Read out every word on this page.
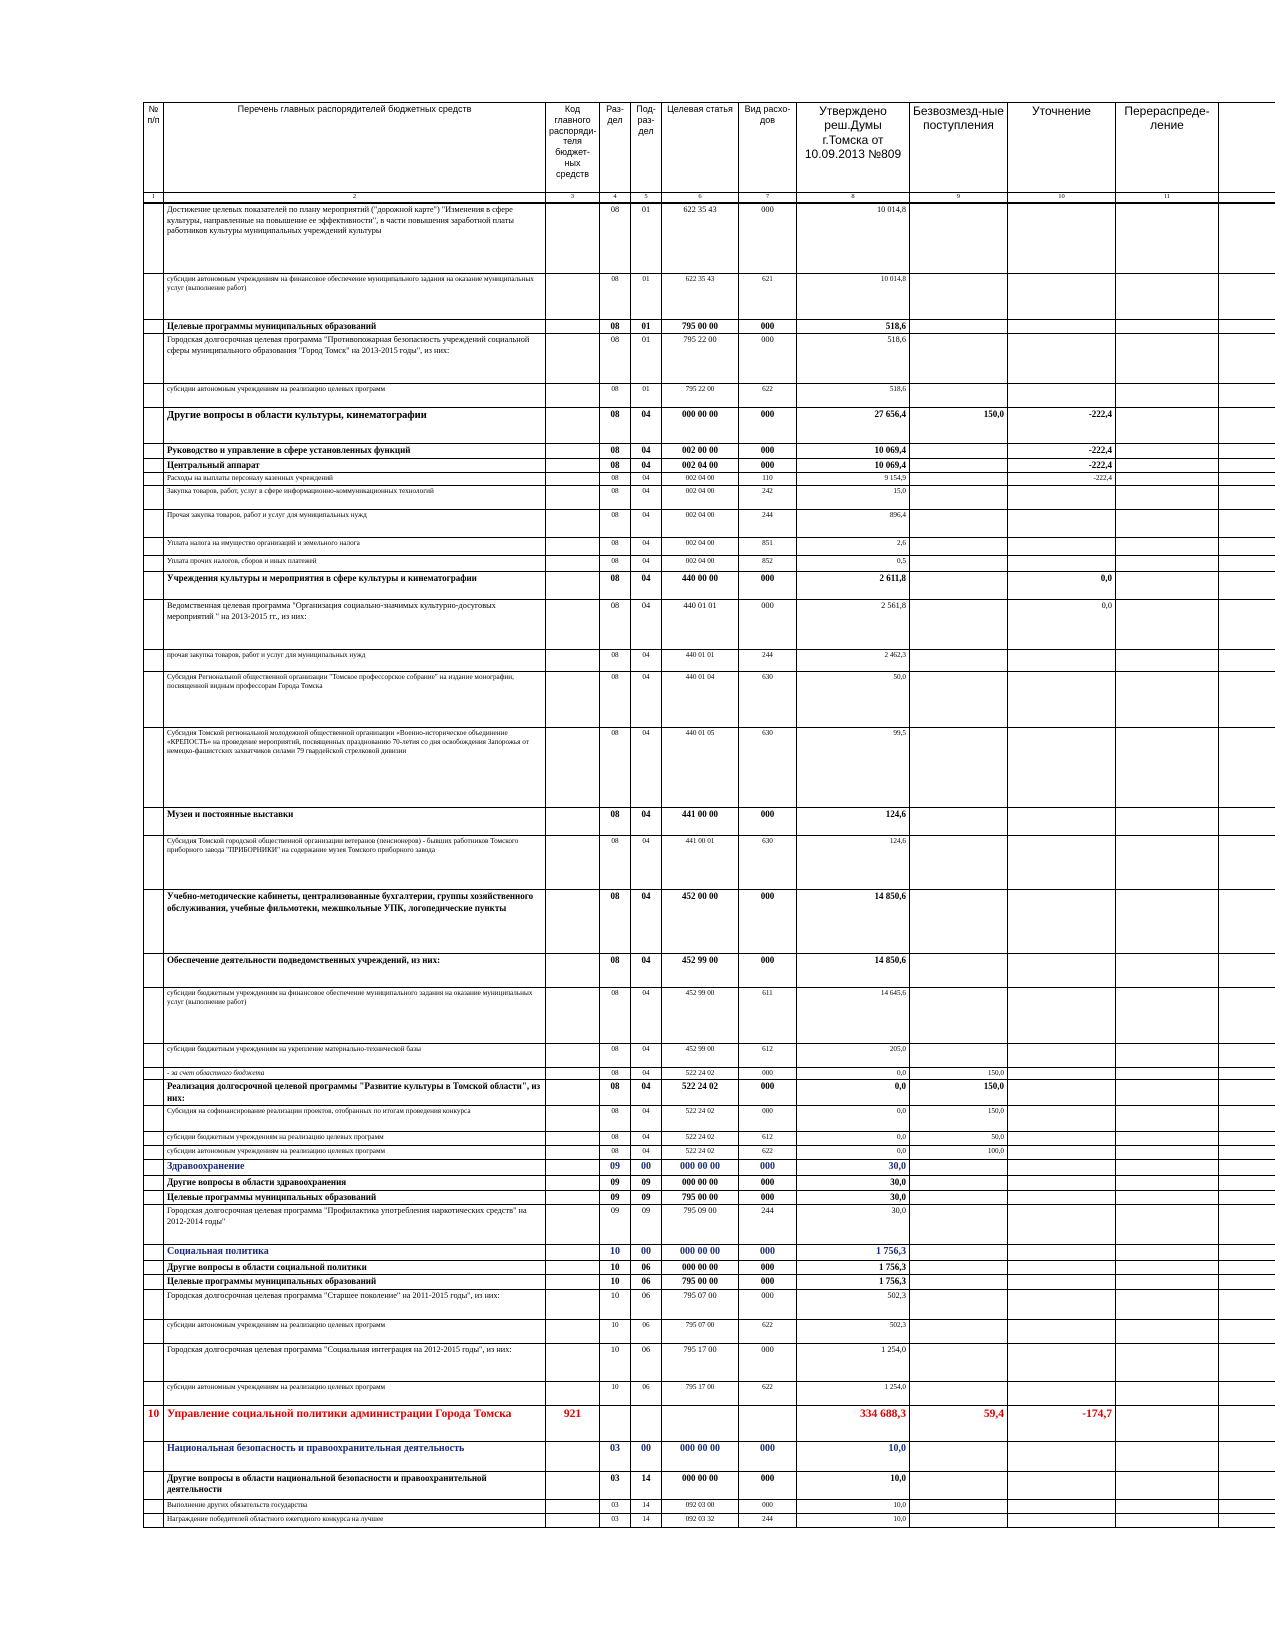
№ п/п	Перечень главных распорядителей бюджетных средств	Код главного распоряди-теля бюджет-ных средств	Раз-дел	Под-раз-дел	Целевая статья	Вид расхо-дов	Утверждено реш.Думы г.Томска от 10.09.2013 №809	Безвозмезд-ные поступления	Уточнение	Перераспреде-ление	
1	2	3	4	5	6	7	8	9	10	11	
	Достижение целевых показателей по плану мероприятий ("дорожной карте") "Изменения в сфере культуры, направленные на повышение ее эффективности", в части повышения заработной платы работников культуры муниципальных учреждений культуры		08	01	622 35 43	000	10 014,8				
	субсидии автономным учреждениям на финансовое обеспечение муниципального задания на оказание муниципальных услуг (выполнение работ)		08	01	622 35 43	621	10 014,8				
	Целевые программы муниципальных образований		08	01	795 00 00	000	518,6				
	Городская долгосрочная целевая программа "Противопожарная безопасность учреждений социальной сферы муниципального образования "Город Томск" на 2013-2015 годы", из них:		08	01	795 22 00	000	518,6				
	субсидии автономным учреждениям на реализацию целевых программ		08	01	795 22 00	622	518,6				
	Другие вопросы в области культуры, кинематографии		08	04	000 00 00	000	27 656,4	150,0	-222,4		
	Руководство и управление в сфере установленных функций		08	04	002 00 00	000	10 069,4		-222,4		
	Центральный аппарат		08	04	002 04 00	000	10 069,4		-222,4		
	Расходы на выплаты персоналу казенных учреждений		08	04	002 04 00	110	9 154,9		-222,4		
	Закупка товаров, работ, услуг в сфере информационно-коммуникационных технологий		08	04	002 04 00	242	15,0				
	Прочая закупка товаров, работ и услуг для муниципальных нужд		08	04	002 04 00	244	896,4				
	Уплата налога на имущество организаций и земельного налога		08	04	002 04 00	851	2,6				
	Уплата прочих налогов, сборов и иных платежей		08	04	002 04 00	852	0,5				
	Учреждения культуры и мероприятия в сфере культуры и кинематографии		08	04	440 00 00	000	2 611,8		0,0		
	Ведомственная целевая программа "Организация социально-значимых культурно-досуговых мероприятий " на 2013-2015 гг., из них:		08	04	440 01 01	000	2 561,8		0,0		
	прочая закупка товаров, работ и услуг для муниципальных нужд		08	04	440 01 01	244	2 462,3				
	Субсидия Региональной общественной организации "Томское профессорское собрание" на издание монографии, посвященной видным профессорам Города Томска		08	04	440 01 04	630	50,0				
	Субсидия Томской региональной молодежной общественной организации «Военно-историческое объединение «КРЕПОСТЬ» на проведение мероприятий, посвященных празднованию 70-летия со дня освобождения Запорожья от немецко-фашистских захватчиков силами 79 гвардейской стрелковой дивизии		08	04	440 01 05	630	99,5				
	Музеи и постоянные выставки		08	04	441 00 00	000	124,6				
	Субсидия Томской городской общественной организации ветеранов (пенсионеров) - бывших работников Томского приборного завода "ПРИБОРНИКИ" на содержание музея Томского приборного завода		08	04	441 00 01	630	124,6				
	Учебно-методические кабинеты, централизованные бухгалтерии, группы хозяйственного обслуживания, учебные фильмотеки, межшкольные УПК, логопедические пункты		08	04	452 00 00	000	14 850,6				
	Обеспечение деятельности подведомственных учреждений, из них:		08	04	452 99 00	000	14 850,6				
	субсидии бюджетным учреждениям на финансовое обеспечение муниципального задания на оказание муниципальных услуг (выполнение работ)		08	04	452 99 00	611	14 645,6				
	субсидии бюджетным учреждениям на укрепление материально-технической базы		08	04	452 99 00	612	205,0				
	- за счет областного бюджета		08	04	522 24 02	000	0,0	150,0			
	Реализация долгосрочной целевой программы "Развитие культуры в Томской области", из них:		08	04	522 24 02	000	0,0	150,0			
	Субсидия на софинансирование реализации проектов, отобранных по итогам проведения конкурса		08	04	522 24 02	000	0,0	150,0			
	субсидии бюджетным учреждениям на реализацию целевых программ		08	04	522 24 02	612	0,0	50,0			
	субсидии автономным учреждениям на реализацию целевых программ		08	04	522 24 02	622	0,0	100,0			
	Здравоохранение		09	00	000 00 00	000	30,0				
	Другие вопросы в области здравоохранения		09	09	000 00 00	000	30,0				
	Целевые программы муниципальных образований		09	09	795 00 00	000	30,0				
	Городская долгосрочная целевая программа "Профилактика употребления наркотических средств" на 2012-2014 годы"		09	09	795 09 00	244	30,0				
	Социальная политика		10	00	000 00 00	000	1 756,3				
	Другие вопросы в области социальной политики		10	06	000 00 00	000	1 756,3				
	Целевые программы муниципальных образований		10	06	795 00 00	000	1 756,3				
	Городская долгосрочная целевая программа "Старшее поколение" на 2011-2015 годы", из них:		10	06	795 07 00	000	502,3				
	субсидии автономным учреждениям на реализацию целевых программ		10	06	795 07 00	622	502,3				
	Городская долгосрочная целевая программа "Социальная интеграция на 2012-2015 годы", из них:		10	06	795 17 00	000	1 254,0				
	субсидии автономным учреждениям на реализацию целевых программ		10	06	795 17 00	622	1 254,0				
10	Управление социальной политики администрации Города Томска	921					334 688,3	59,4	-174,7		
	Национальная безопасность и правоохранительная деятельность		03	00	000 00 00	000	10,0				
	Другие вопросы в области национальной безопасности и правоохранительной деятельности		03	14	000 00 00	000	10,0				
	Выполнение других обязательств государства		03	14	092 03 00	000	10,0				
	Награждение победителей областного ежегодного конкурса на лучшее		03	14	092 03 32	244	10,0				
